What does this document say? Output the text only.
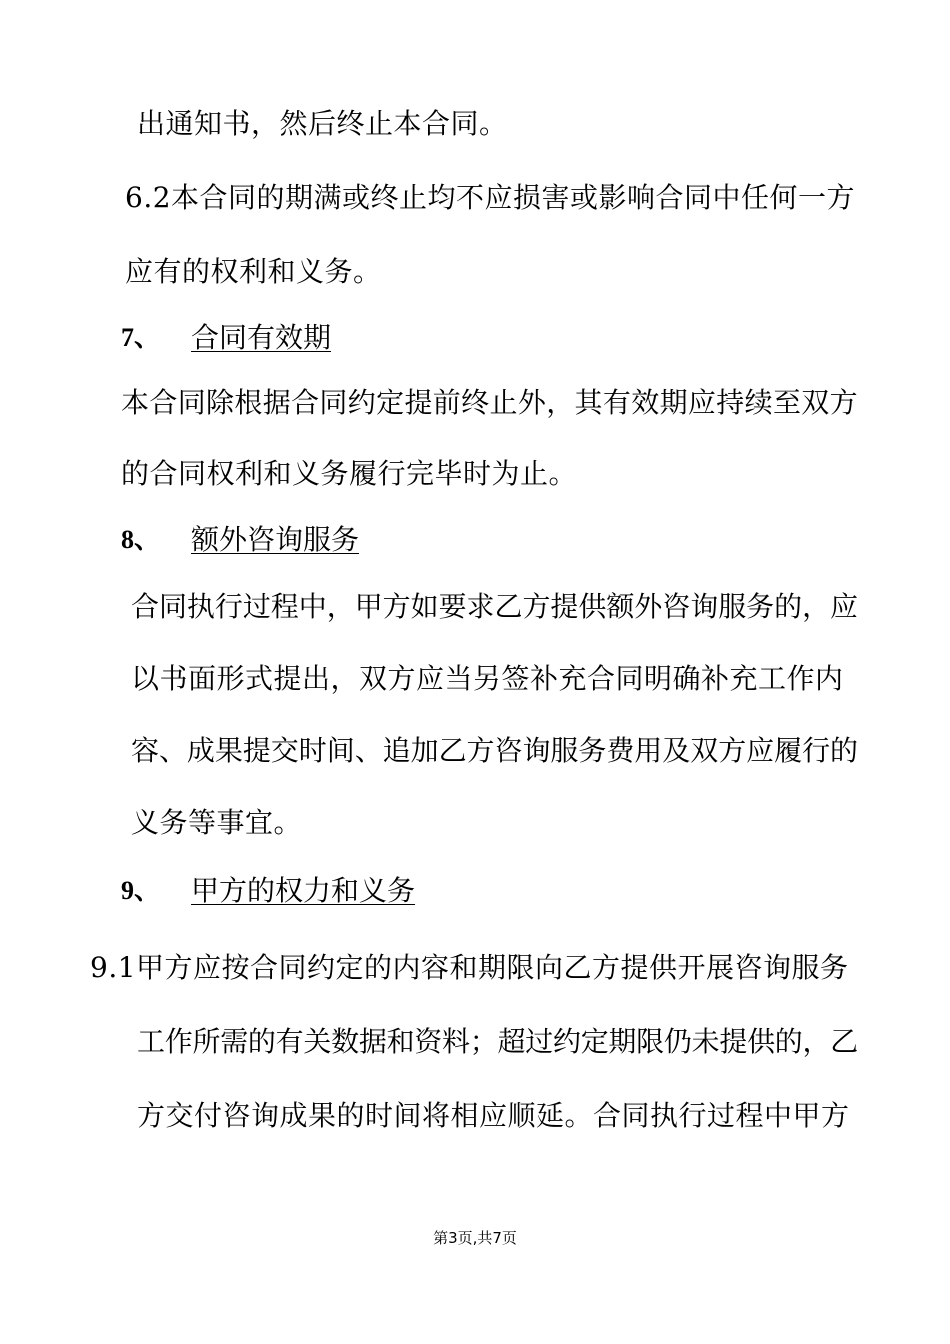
出通知书，然后终止本合同。
6.2本合同的期满或终止均不应损害或影响合同中任何一方
应有的权利和义务。
7、 合同有效期
本合同除根据合同约定提前终止外，其有效期应持续至双方
的合同权利和义务履行完毕时为止。
8、 额外咨询服务
合同执行过程中，甲方如要求乙方提供额外咨询服务的，应
以书面形式提出，双方应当另签补充合同明确补充工作内
容、成果提交时间、追加乙方咨询服务费用及双方应履行的
义务等事宜。
9、 甲方的权力和义务
9.1甲方应按合同约定的内容和期限向乙方提供开展咨询服务
工作所需的有关数据和资料；超过约定期限仍未提供的，乙
方交付咨询成果的时间将相应顺延。合同执行过程中甲方
第3页,共7页
